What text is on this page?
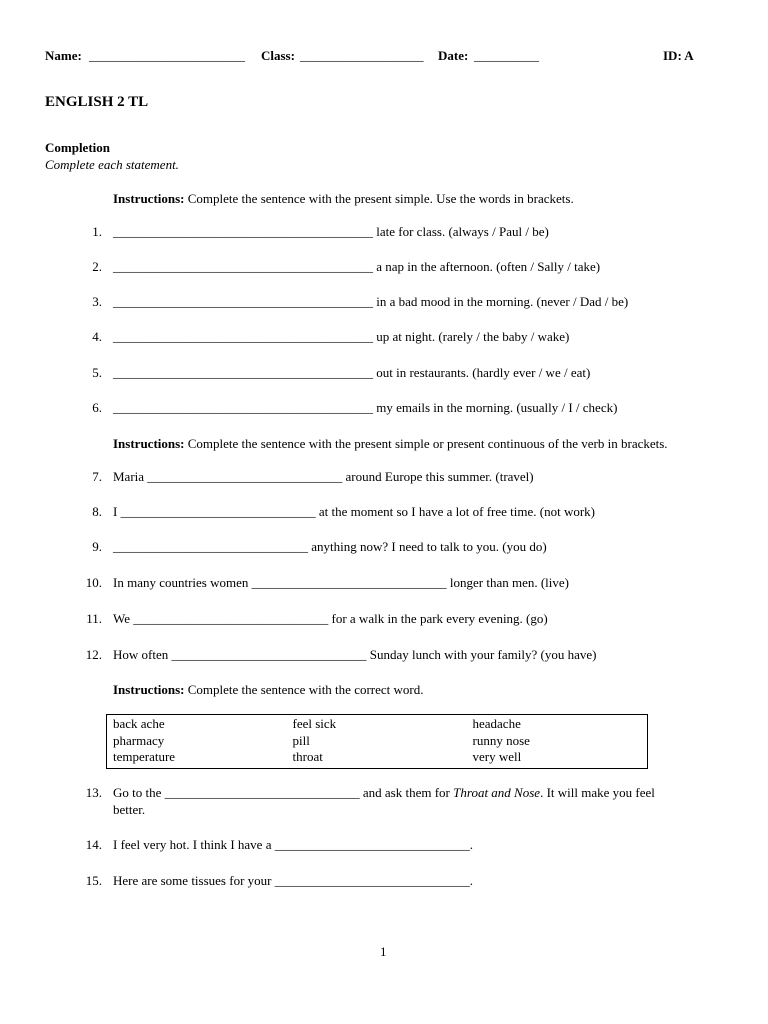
Name: ________________________ Class: ___________________ Date: __________	ID: A
ENGLISH 2 TL
Completion
Complete each statement.
Instructions: Complete the sentence with the present simple. Use the words in brackets.
1. ________________________________________ late for class. (always / Paul / be)
2. ________________________________________ a nap in the afternoon. (often / Sally / take)
3. ________________________________________ in a bad mood in the morning. (never / Dad / be)
4. ________________________________________ up at night. (rarely / the baby / wake)
5. ________________________________________ out in restaurants. (hardly ever / we / eat)
6. ________________________________________ my emails in the morning. (usually / I / check)
Instructions: Complete the sentence with the present simple or present continuous of the verb in brackets.
7. Maria ______________________________ around Europe this summer. (travel)
8. I ______________________________ at the moment so I have a lot of free time. (not work)
9. ______________________________ anything now? I need to talk to you. (you do)
10. In many countries women ______________________________ longer than men. (live)
11. We ______________________________ for a walk in the park every evening. (go)
12. How often ______________________________ Sunday lunch with your family? (you have)
Instructions: Complete the sentence with the correct word.
back ache	feel sick	headache
pharmacy	pill	runny nose
temperature	throat	very well
13. Go to the ______________________________ and ask them for Throat and Nose. It will make you feel
better.
14. I feel very hot. I think I have a ______________________________.
15. Here are some tissues for your ______________________________.
1
